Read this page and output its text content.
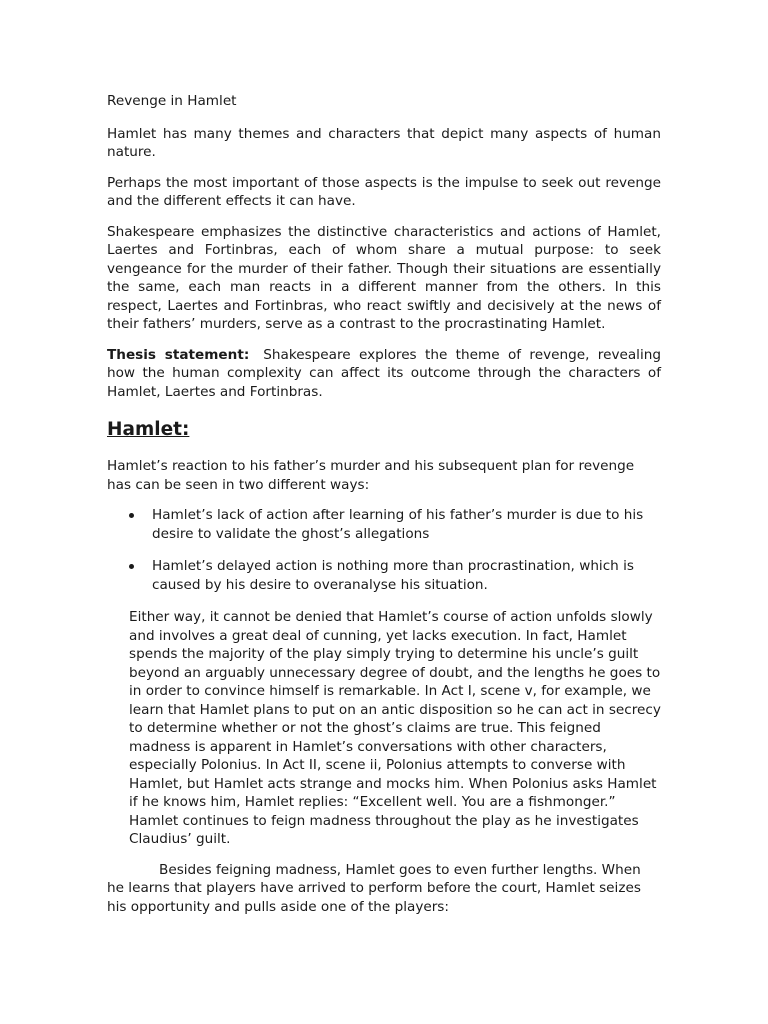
Revenge in Hamlet

Hamlet has many themes and characters that depict many aspects of human nature.

Perhaps the most important of those aspects is the impulse to seek out revenge and the different effects it can have.

Shakespeare emphasizes the distinctive characteristics and actions of Hamlet, Laertes and Fortinbras, each of whom share a mutual purpose: to seek vengeance for the murder of their father. Though their situations are essentially the same, each man reacts in a different manner from the others. In this respect, Laertes and Fortinbras, who react swiftly and decisively at the news of their fathers’ murders, serve as a contrast to the procrastinating Hamlet.

Thesis statement: Shakespeare explores the theme of revenge, revealing how the human complexity can affect its outcome through the characters of Hamlet, Laertes and Fortinbras.

Hamlet:

Hamlet’s reaction to his father’s murder and his subsequent plan for revenge has can be seen in two different ways:

Hamlet’s lack of action after learning of his father’s murder is due to his desire to validate the ghost’s allegations
Hamlet’s delayed action is nothing more than procrastination, which is caused by his desire to overanalyse his situation.

Either way, it cannot be denied that Hamlet’s course of action unfolds slowly and involves a great deal of cunning, yet lacks execution. In fact, Hamlet spends the majority of the play simply trying to determine his uncle’s guilt beyond an arguably unnecessary degree of doubt, and the lengths he goes to in order to convince himself is remarkable. In Act I, scene v, for example, we learn that Hamlet plans to put on an antic disposition so he can act in secrecy to determine whether or not the ghost’s claims are true. This feigned madness is apparent in Hamlet’s conversations with other characters, especially Polonius. In Act II, scene ii, Polonius attempts to converse with Hamlet, but Hamlet acts strange and mocks him. When Polonius asks Hamlet if he knows him, Hamlet replies: “Excellent well. You are a fishmonger.” Hamlet continues to feign madness throughout the play as he investigates Claudius’ guilt.

Besides feigning madness, Hamlet goes to even further lengths. When he learns that players have arrived to perform before the court, Hamlet seizes his opportunity and pulls aside one of the players:
